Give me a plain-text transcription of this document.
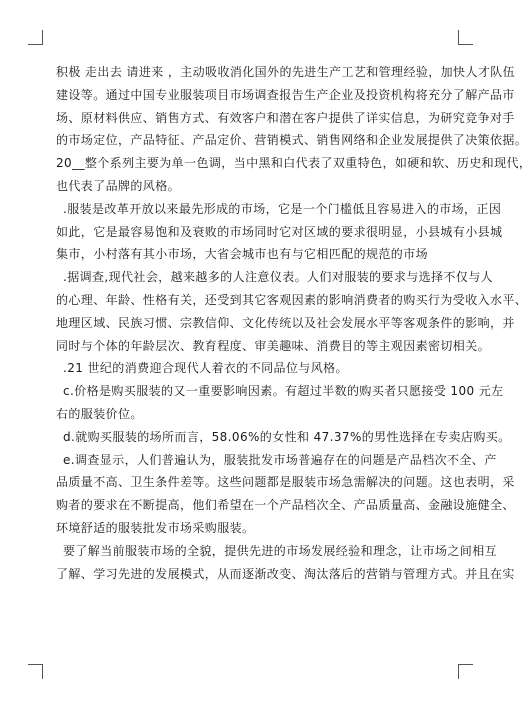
积极 走出去 请进来 ，主动吸收消化国外的先进生产工艺和管理经验，加快人才队伍

建设等。通过中国专业服装项目市场调查报告生产企业及投资机构将充分了解产品市

场、原材料供应、销售方式、有效客户和潜在客户提供了详实信息，为研究竞争对手

的市场定位，产品特征、产品定价、营销模式、销售网络和企业发展提供了决策依据。

20__整个系列主要为单一色调，当中黑和白代表了双重特色，如硬和软、历史和现代，

也代表了品牌的风格。

.服装是改革开放以来最先形成的市场，它是一个门槛低且容易进入的市场，正因

如此，它是最容易饱和及衰败的市场同时它对区域的要求很明显，小县城有小县城

集市，小村落有其小市场，大省会城市也有与它相匹配的规范的市场

.据调查,现代社会，越来越多的人注意仪表。人们对服装的要求与选择不仅与人

的心理、年龄、性格有关，还受到其它客观因素的影响消费者的购买行为受收入水平、

地理区域、民族习惯、宗教信仰、文化传统以及社会发展水平等客观条件的影响，并

同时与个体的年龄层次、教育程度、审美趣味、消费目的等主观因素密切相关。

.21 世纪的消费迎合现代人着衣的不同品位与风格。

c.价格是购买服装的又一重要影响因素。有超过半数的购买者只愿接受 100 元左

右的服装价位。

d.就购买服装的场所而言，58.06%的女性和 47.37%的男性选择在专卖店购买。

e.调查显示，人们普遍认为，服装批发市场普遍存在的问题是产品档次不全、产

品质量不高、卫生条件差等。这些问题都是服装市场急需解决的问题。这也表明，采

购者的要求在不断提高，他们希望在一个产品档次全、产品质量高、金融设施健全、

环境舒适的服装批发市场采购服装。

要了解当前服装市场的全貌，提供先进的市场发展经验和理念，让市场之间相互

了解、学习先进的发展模式，从而逐渐改变、淘汰落后的营销与管理方式。并且在实
